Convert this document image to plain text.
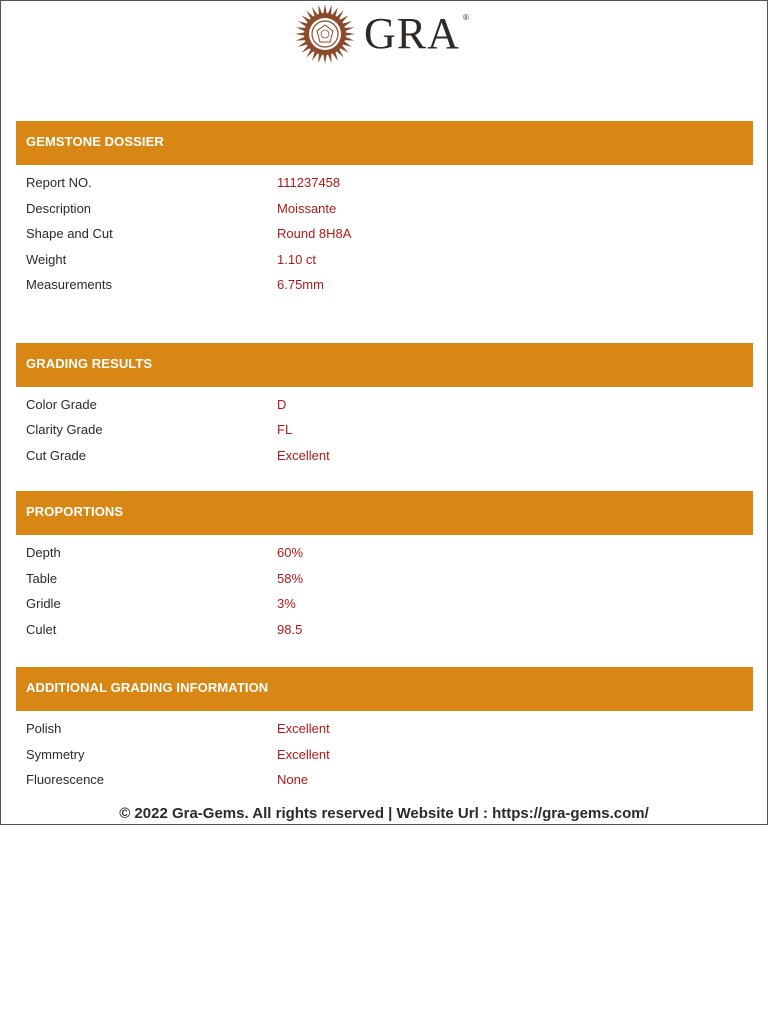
GRA ®
GEMSTONE DOSSIER
Report NO.	111237458
Description	Moissante
Shape and Cut	Round 8H8A
Weight	1.10 ct
Measurements	6.75mm
GRADING RESULTS
Color Grade	D
Clarity Grade	FL
Cut Grade	Excellent
PROPORTIONS
Depth	60%
Table	58%
Gridle	3%
Culet	98.5
ADDITIONAL GRADING INFORMATION
Polish	Excellent
Symmetry	Excellent
Fluorescence	None
© 2022 Gra-Gems. All rights reserved | Website Url : https://gra-gems.com/
